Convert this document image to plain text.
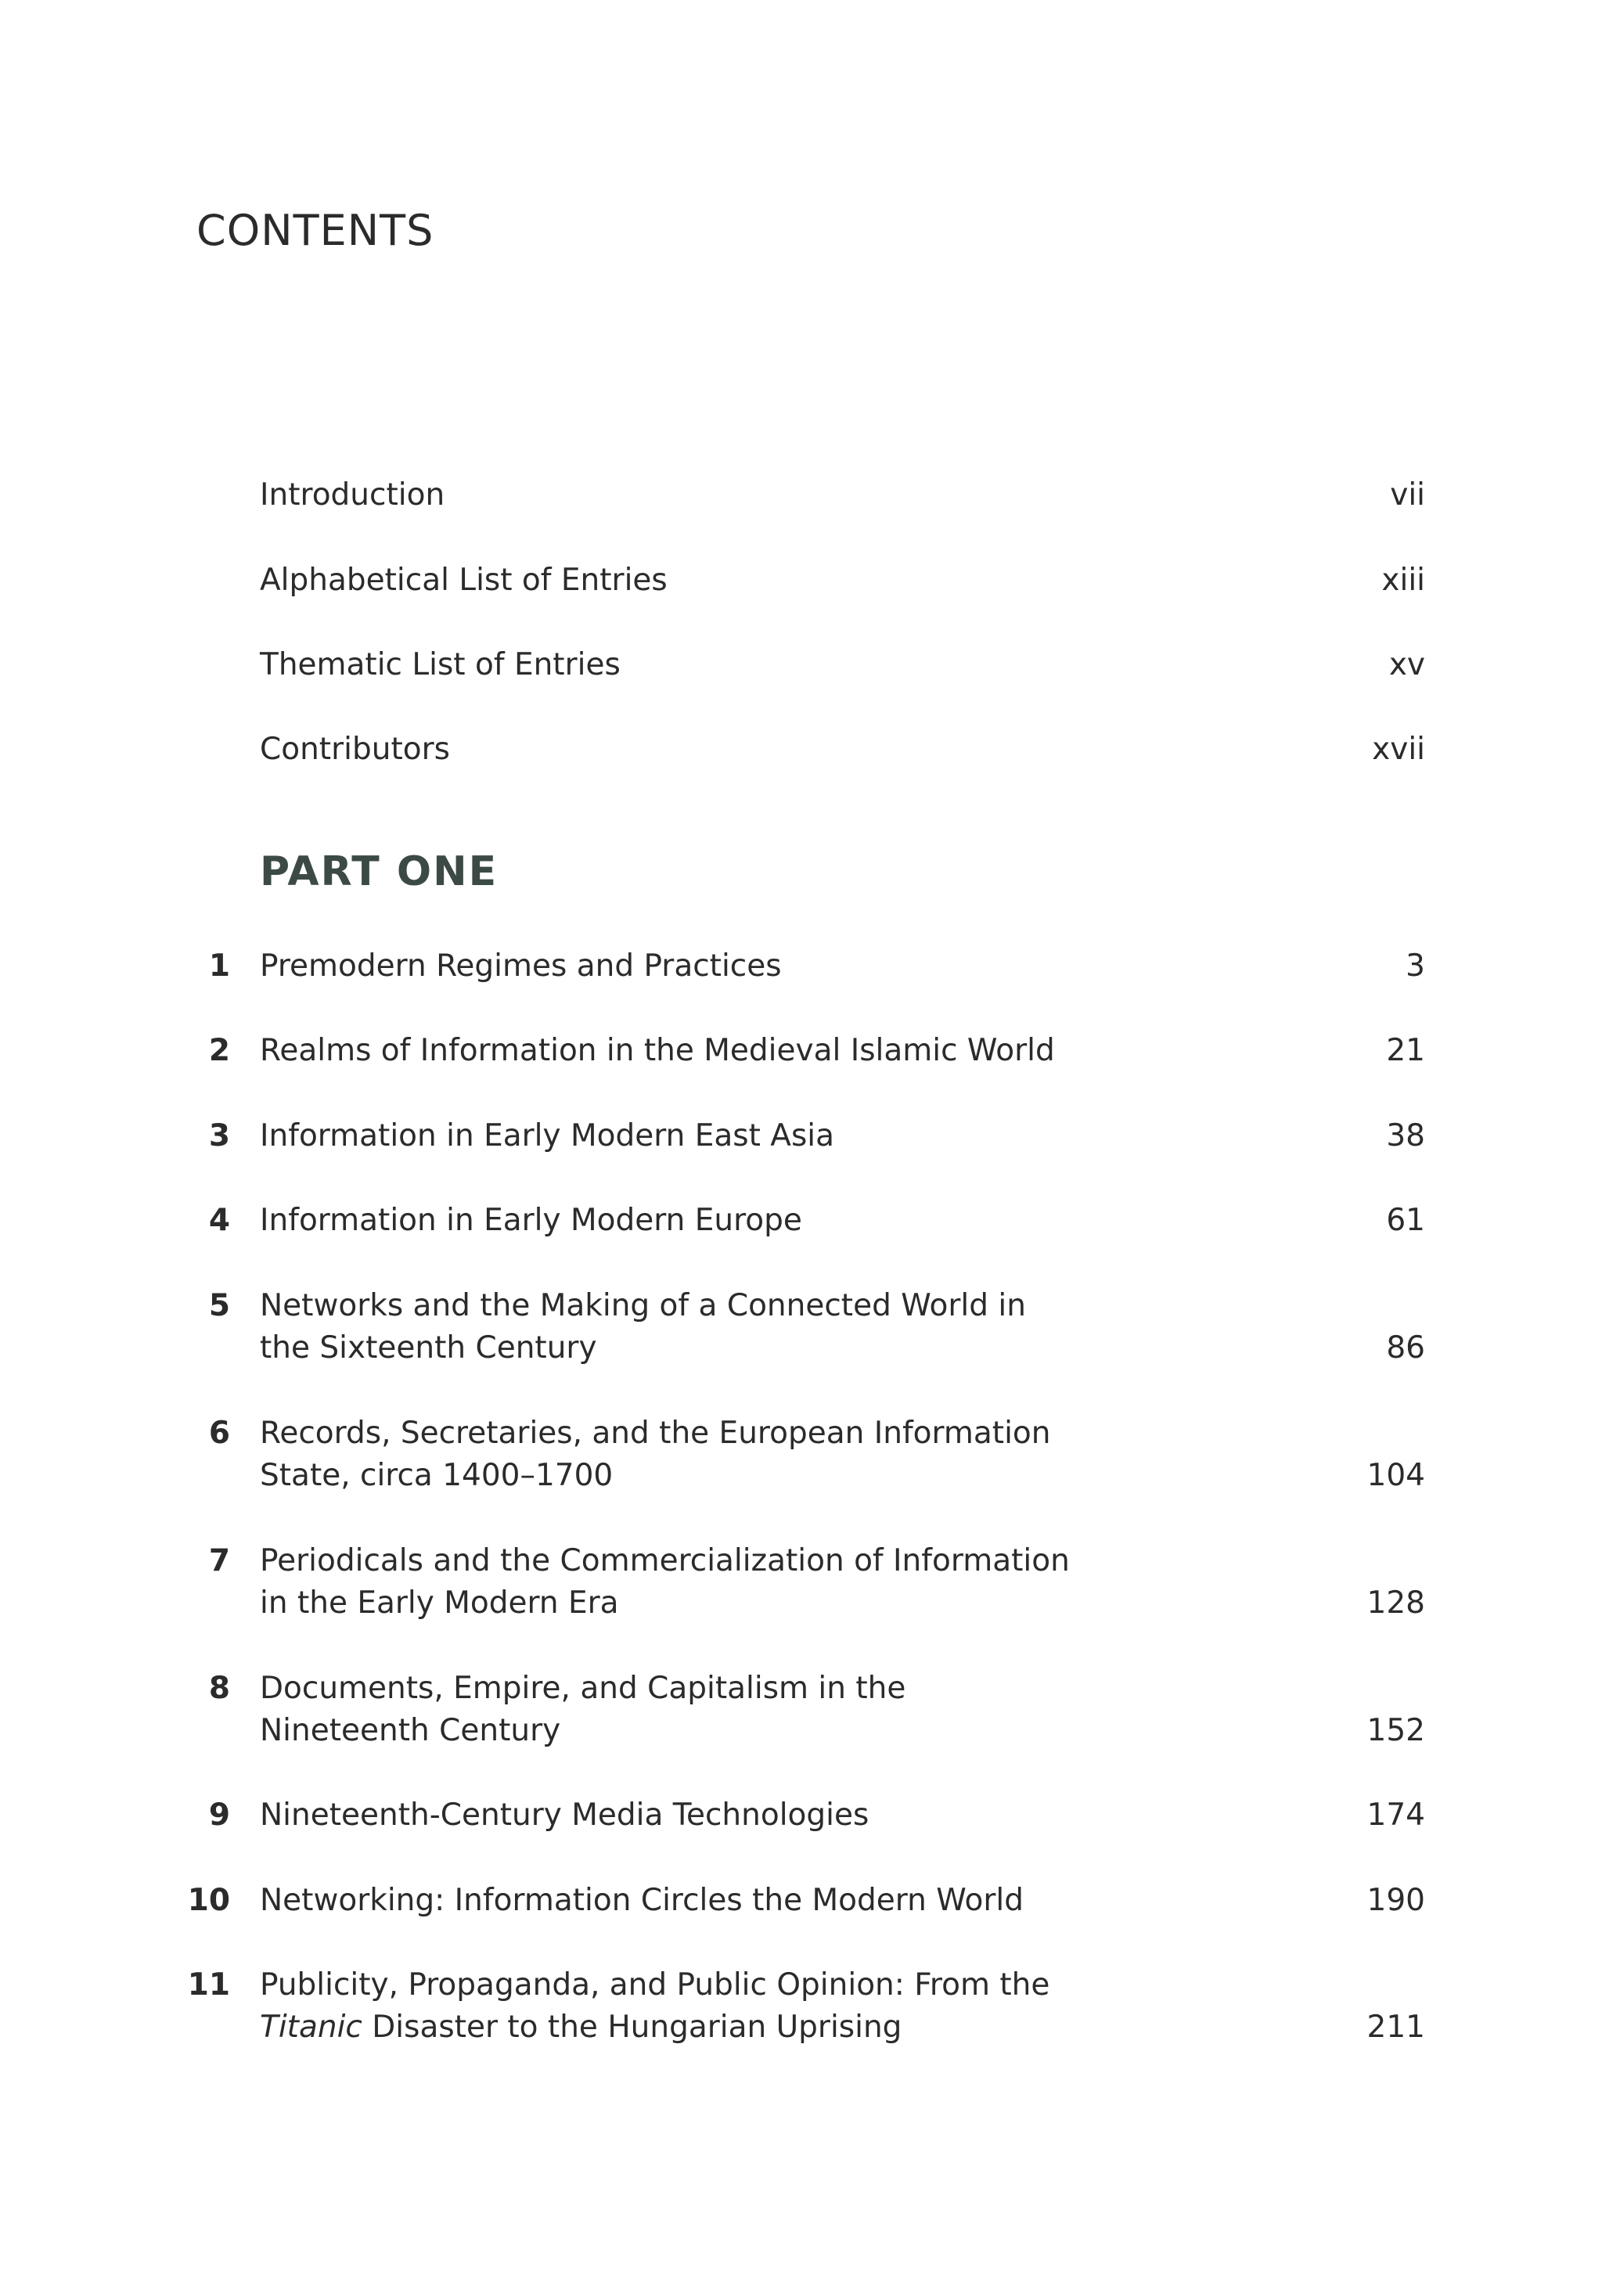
CONTENTS
Introduction	vii
Alphabetical List of Entries	xiii
Thematic List of Entries	xv
Contributors	xvii
PART ONE
1 Premodern Regimes and Practices	3
2 Realms of Information in the Medieval Islamic World	21
3 Information in Early Modern East Asia	38
4 Information in Early Modern Europe	61
5 Networks and the Making of a Connected World in
the Sixteenth Century	86
6 Records, Secretaries, and the European Information
State, circa 1400–1700	104
7 Periodicals and the Commercialization of Information
in the Early Modern Era	128
8 Documents, Empire, and Capitalism in the
Nineteenth Century	152
9 Nineteenth-Century Media Technologies	174
10 Networking: Information Circles the Modern World	190
11 Publicity, Propaganda, and Public Opinion: From the
Titanic Disaster to the Hungarian Uprising	211
